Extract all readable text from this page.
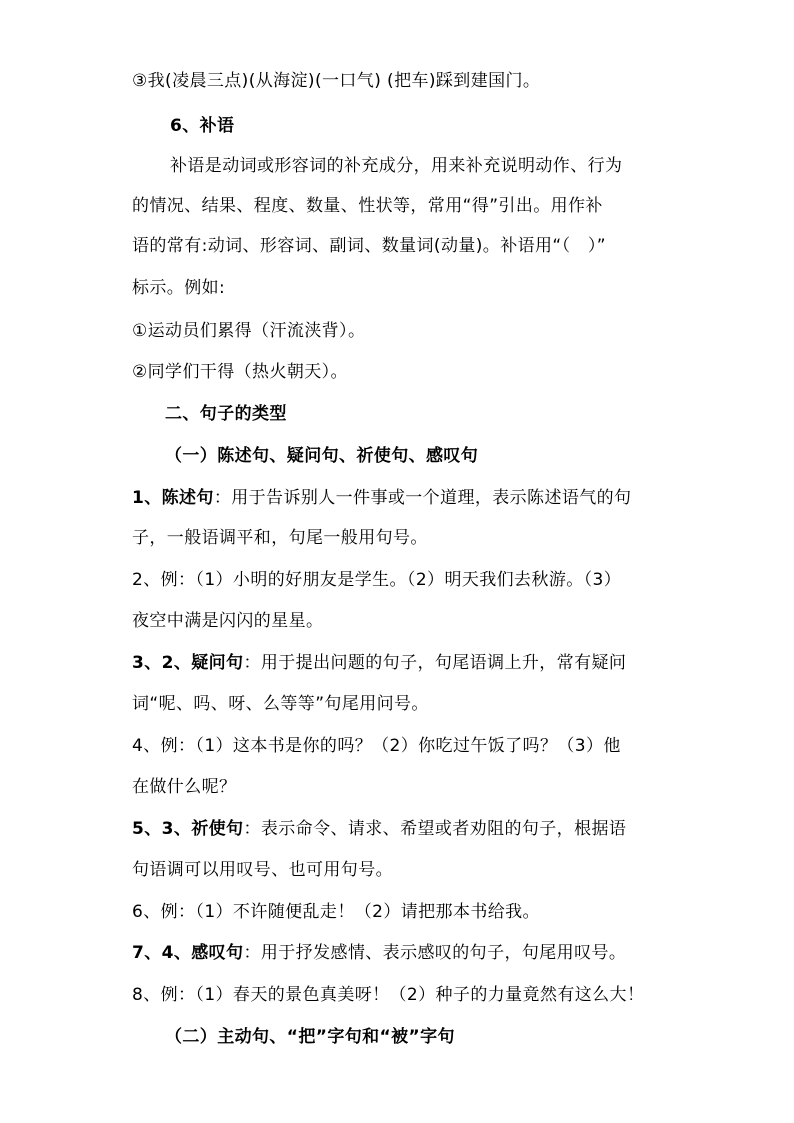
③我(凌晨三点)(从海淀)(一口气) (把车)踩到建国门。
6、补语
补语是动词或形容词的补充成分，用来补充说明动作、行为
的情况、结果、程度、数量、性状等，常用“得”引出。用作补
语的常有:动词、形容词、副词、数量词(动量)。补语用“（　）”
标示。例如:
①运动员们累得（汗流浃背）。
②同学们干得（热火朝天）。
二、句子的类型
（一）陈述句、疑问句、祈使句、感叹句
1、陈述句：用于告诉别人一件事或一个道理，表示陈述语气的句
子，一般语调平和，句尾一般用句号。
2、例：（1）小明的好朋友是学生。（2）明天我们去秋游。（3）
夜空中满是闪闪的星星。
3、2、疑问句：用于提出问题的句子，句尾语调上升，常有疑问
词“呢、吗、呀、么等等”句尾用问号。
4、例：（1）这本书是你的吗？（2）你吃过午饭了吗？（3）他
在做什么呢？
5、3、祈使句：表示命令、请求、希望或者劝阻的句子，根据语
句语调可以用叹号、也可用句号。
6、例：（1）不许随便乱走！（2）请把那本书给我。
7、4、感叹句：用于抒发感情、表示感叹的句子，句尾用叹号。
8、例：（1）春天的景色真美呀！（2）种子的力量竟然有这么大！
（二）主动句、“把”字句和“被”字句
